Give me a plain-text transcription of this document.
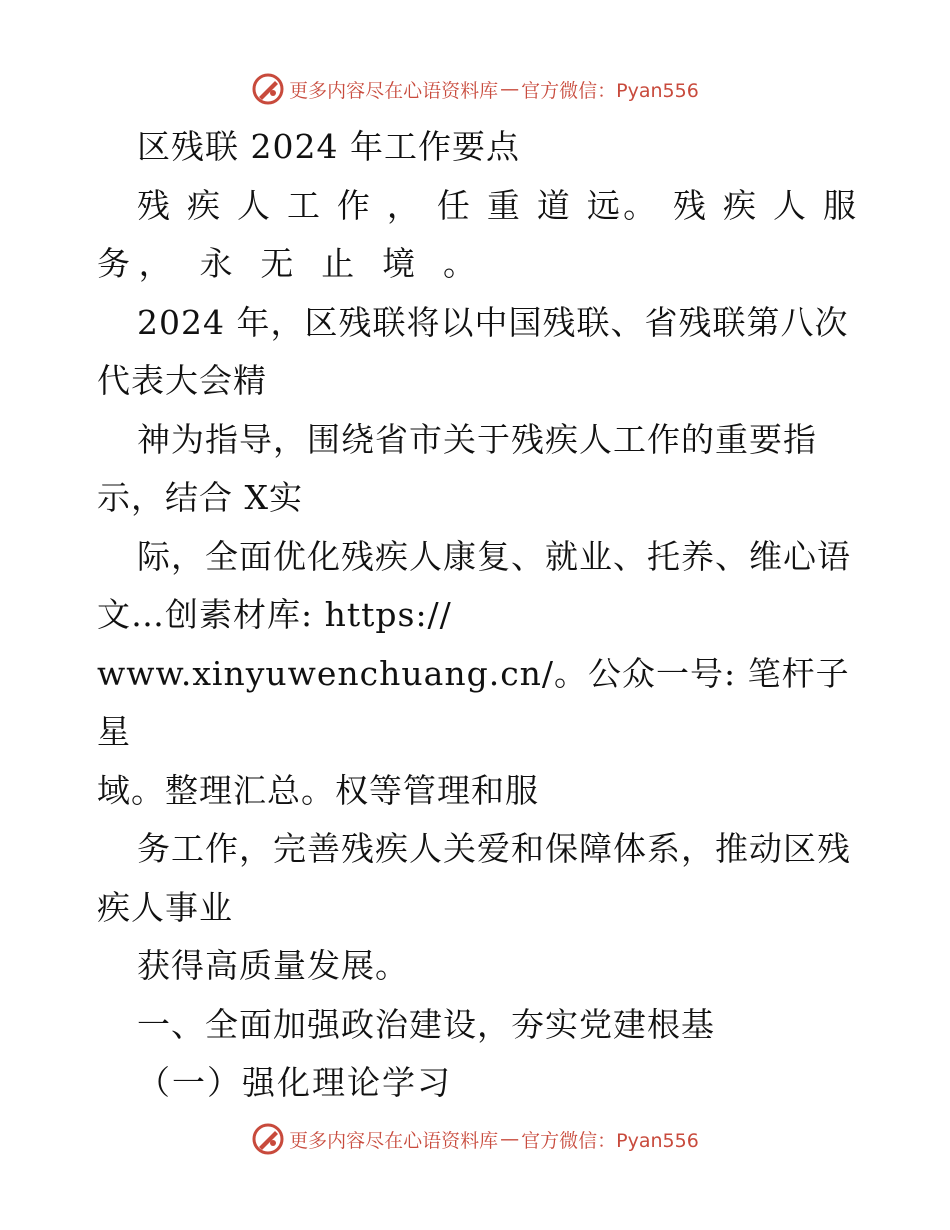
更多内容尽在心语资料库 — 官方微信：Pyan556

区残联 2024 年工作要点

残 疾 人 工 作 ， 任 重 道 远。 残 疾 人 服

务， 永 无 止 境 。

2024 年，区残联将以中国残联、省残联第八次

代表大会精

神为指导，围绕省市关于残疾人工作的重要指

示，结合 X实

际，全面优化残疾人康复、就业、托养、维心语

文…创素材库: https://

www.xinyuwenchuang.cn/。公众一号: 笔杆子星

域。整理汇总。权等管理和服

务工作，完善残疾人关爱和保障体系，推动区残

疾人事业

获得高质量发展。

一、全面加强政治建设，夯实党建根基

（一）强化理论学习

更多内容尽在心语资料库 — 官方微信：Pyan556
